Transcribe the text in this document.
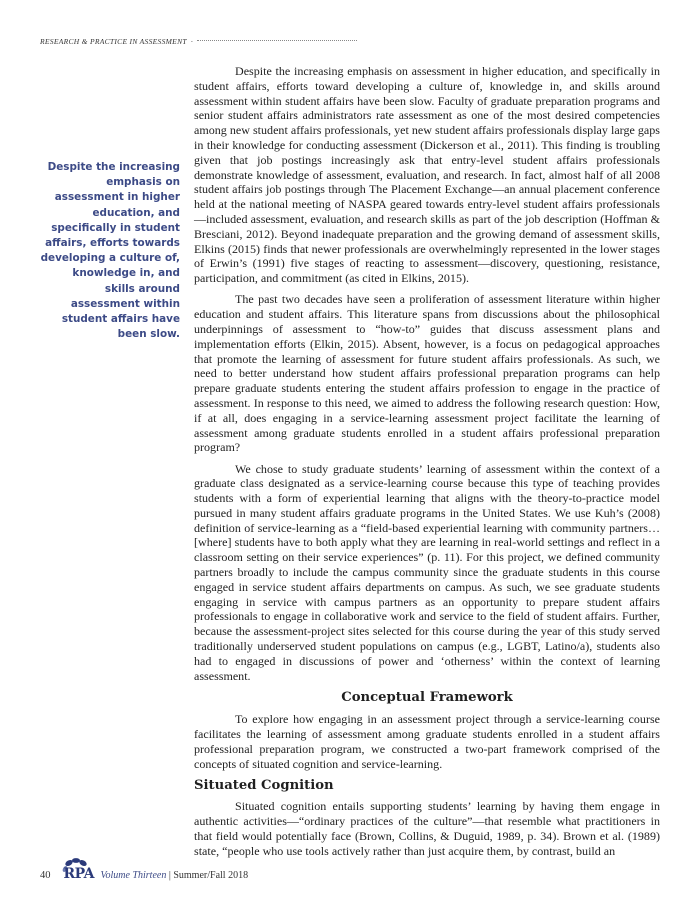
RESEARCH & PRACTICE IN ASSESSMENT ·
Despite the increasing emphasis on assessment in higher education, and specifically in student affairs, efforts towards developing a culture of, knowledge in, and skills around assessment within student affairs have been slow.

Despite the increasing emphasis on assessment in higher education, and specifically in student affairs, efforts toward developing a culture of, knowledge in, and skills around assessment within student affairs have been slow. Faculty of graduate preparation programs and senior student affairs administrators rate assessment as one of the most desired competencies among new student affairs professionals, yet new student affairs professionals display large gaps in their knowledge for conducting assessment (Dickerson et al., 2011). This finding is troubling given that job postings increasingly ask that entry-level student affairs professionals demonstrate knowledge of assessment, evaluation, and research. In fact, almost half of all 2008 student affairs job postings through The Placement Exchange—an annual placement conference held at the national meeting of NASPA geared towards entry-level student affairs professionals—included assessment, evaluation, and research skills as part of the job description (Hoffman & Bresciani, 2012). Beyond inadequate preparation and the growing demand of assessment skills, Elkins (2015) finds that newer professionals are overwhelmingly represented in the lower stages of Erwin’s (1991) five stages of reacting to assessment—discovery, questioning, resistance, participation, and commitment (as cited in Elkins, 2015).

The past two decades have seen a proliferation of assessment literature within higher education and student affairs. This literature spans from discussions about the philosophical underpinnings of assessment to “how-to” guides that discuss assessment plans and implementation efforts (Elkin, 2015). Absent, however, is a focus on pedagogical approaches that promote the learning of assessment for future student affairs professionals. As such, we need to better understand how student affairs professional preparation programs can help prepare graduate students entering the student affairs profession to engage in the practice of assessment. In response to this need, we aimed to address the following research question: How, if at all, does engaging in a service-learning assessment project facilitate the learning of assessment among graduate students enrolled in a student affairs professional preparation program?

We chose to study graduate students’ learning of assessment within the context of a graduate class designated as a service-learning course because this type of teaching provides students with a form of experiential learning that aligns with the theory-to-practice model pursued in many student affairs graduate programs in the United States. We use Kuh’s (2008) definition of service-learning as a “field-based experiential learning with community partners… [where] students have to both apply what they are learning in real-world settings and reflect in a classroom setting on their service experiences” (p. 11). For this project, we defined community partners broadly to include the campus community since the graduate students in this course engaged in service student affairs departments on campus. As such, we see graduate students engaging in service with campus partners as an opportunity to prepare student affairs professionals to engage in collaborative work and service to the field of student affairs. Further, because the assessment-project sites selected for this course during the year of this study served traditionally underserved student populations on campus (e.g., LGBT, Latino/a), students also had to engaged in discussions of power and ‘otherness’ within the context of learning assessment.

Conceptual Framework

To explore how engaging in an assessment project through a service-learning course facilitates the learning of assessment among graduate students enrolled in a student affairs professional preparation program, we constructed a two-part framework comprised of the concepts of situated cognition and service-learning.

Situated Cognition

Situated cognition entails supporting students’ learning by having them engage in authentic activities—“ordinary practices of the culture”—that resemble what practitioners in that field would potentially face (Brown, Collins, & Duguid, 1989, p. 34). Brown et al. (1989) state, “people who use tools actively rather than just acquire them, by contrast, build an

40 RPA Volume Thirteen | Summer/Fall 2018
